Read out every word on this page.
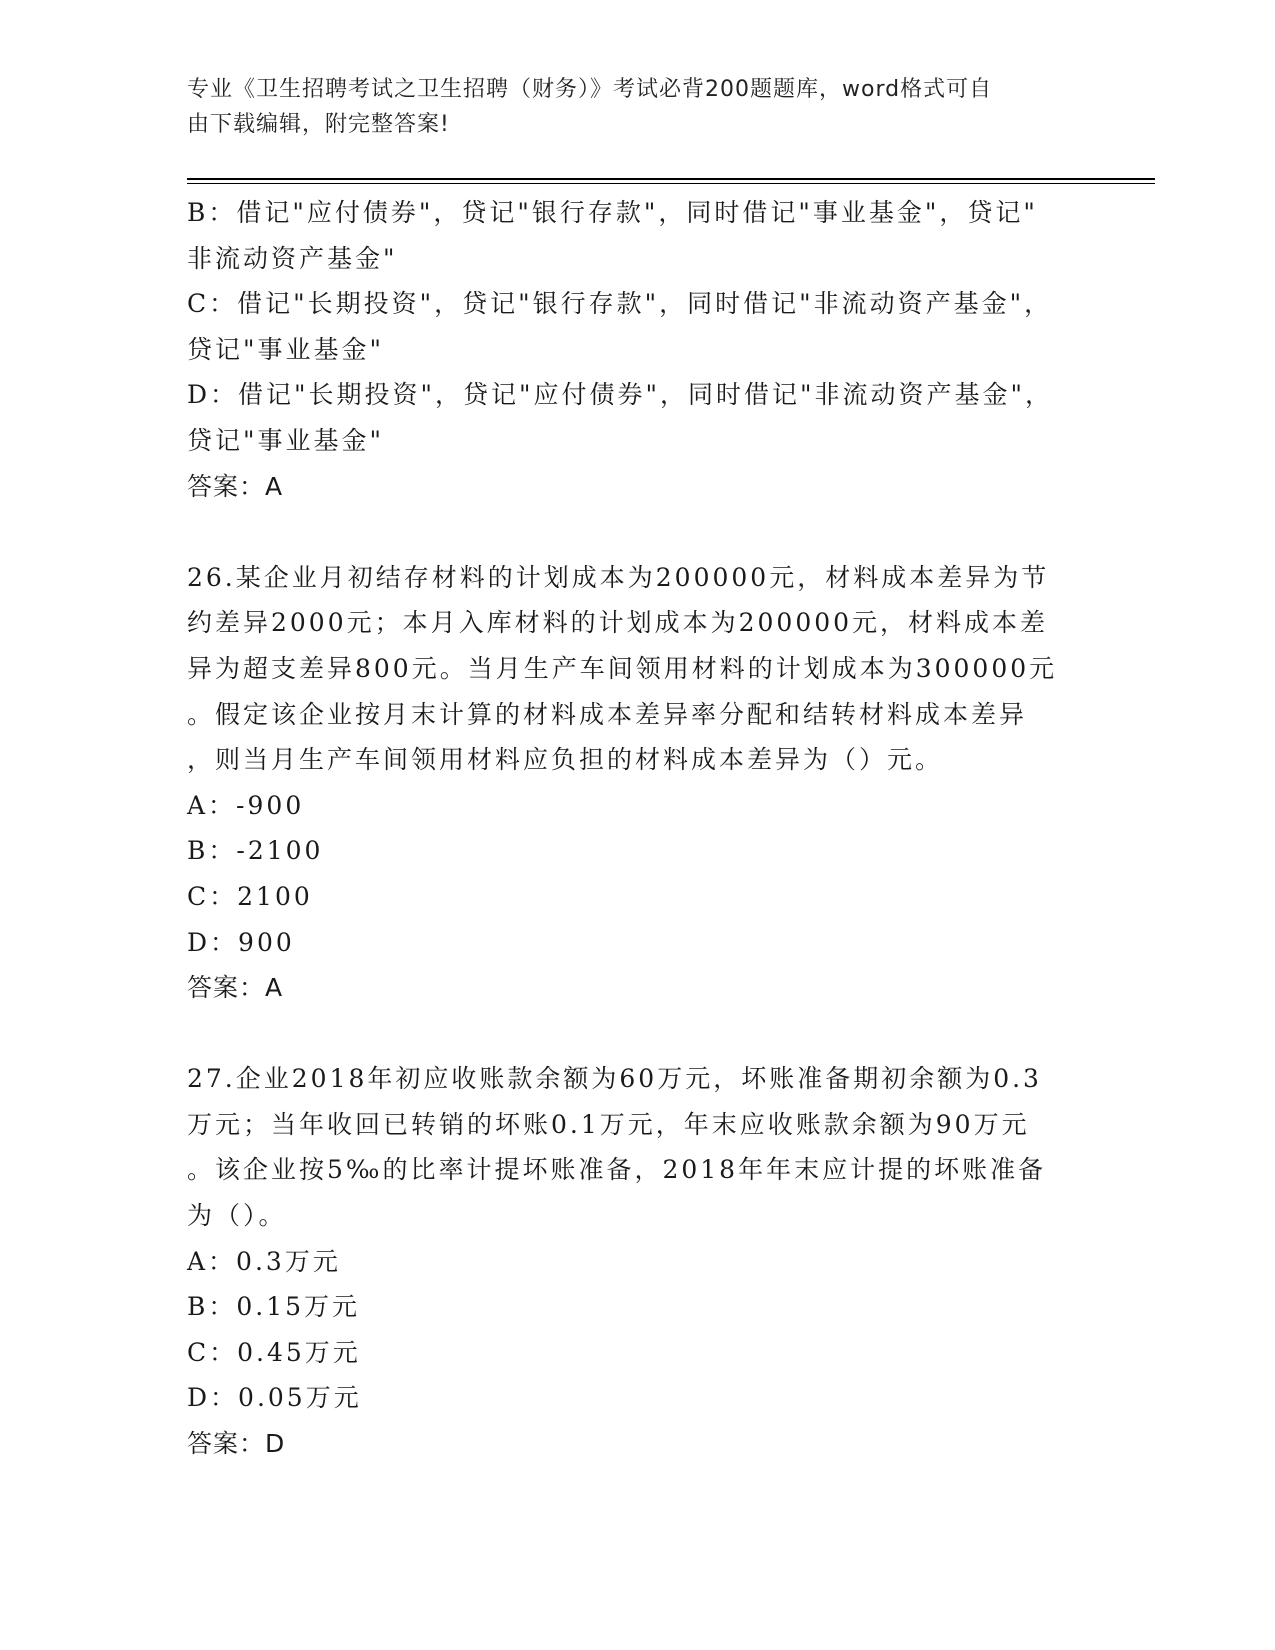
专业《卫生招聘考试之卫生招聘（财务）》考试必背200题题库，word格式可自
由下载编辑，附完整答案!
B：借记"应付债券"，贷记"银行存款"，同时借记"事业基金"，贷记"
非流动资产基金"
C：借记"长期投资"，贷记"银行存款"，同时借记"非流动资产基金"，
贷记"事业基金"
D：借记"长期投资"，贷记"应付债券"，同时借记"非流动资产基金"，
贷记"事业基金"
答案：A
26.某企业月初结存材料的计划成本为200000元，材料成本差异为节
约差异2000元；本月入库材料的计划成本为200000元，材料成本差
异为超支差异800元。当月生产车间领用材料的计划成本为300000元
。假定该企业按月末计算的材料成本差异率分配和结转材料成本差异
，则当月生产车间领用材料应负担的材料成本差异为（）元。
A：-900
B：-2100
C：2100
D：900
答案：A
27.企业2018年初应收账款余额为60万元，坏账准备期初余额为0.3
万元；当年收回已转销的坏账0.1万元，年末应收账款余额为90万元
。该企业按5‰的比率计提坏账准备，2018年年末应计提的坏账准备
为（）。
A：0.3万元
B：0.15万元
C：0.45万元
D：0.05万元
答案：D
